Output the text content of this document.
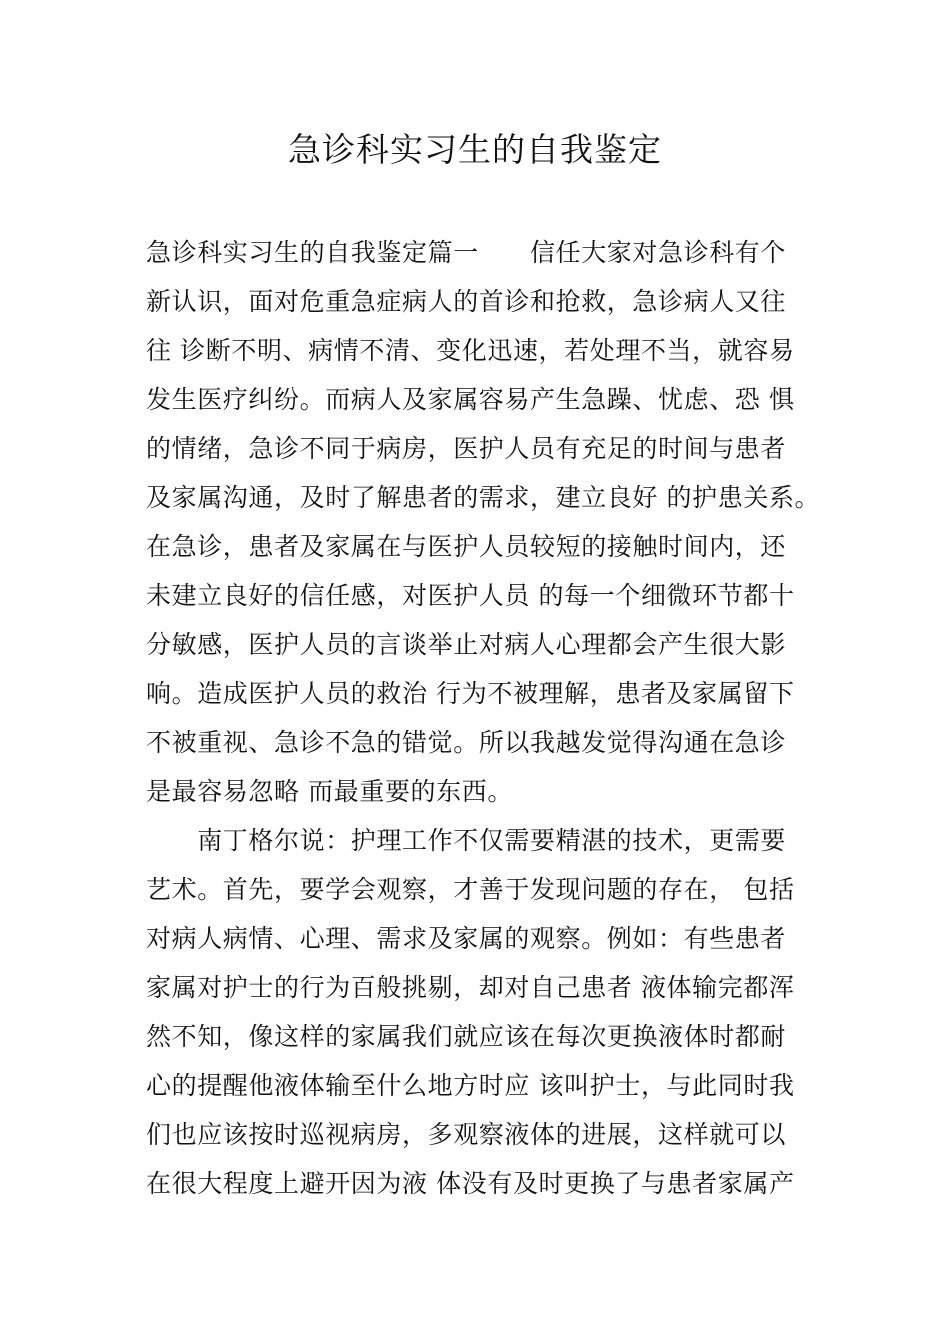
急诊科实习生的自我鉴定
急诊科实习生的自我鉴定篇一　　信任大家对急诊科有个
新认识，面对危重急症病人的首诊和抢救，急诊病人又往
往 诊断不明、病情不清、变化迅速，若处理不当，就容易
发生医疗纠纷。而病人及家属容易产生急躁、忧虑、恐 惧
的情绪，急诊不同于病房，医护人员有充足的时间与患者
及家属沟通，及时了解患者的需求，建立良好 的护患关系。
在急诊，患者及家属在与医护人员较短的接触时间内，还
未建立良好的信任感，对医护人员 的每一个细微环节都十
分敏感，医护人员的言谈举止对病人心理都会产生很大影
响。造成医护人员的救治 行为不被理解，患者及家属留下
不被重视、急诊不急的错觉。所以我越发觉得沟通在急诊
是最容易忽略 而最重要的东西。
　　南丁格尔说：护理工作不仅需要精湛的技术，更需要
艺术。首先，要学会观察，才善于发现问题的存在， 包括
对病人病情、心理、需求及家属的观察。例如：有些患者
家属对护士的行为百般挑剔，却对自己患者 液体输完都浑
然不知，像这样的家属我们就应该在每次更换液体时都耐
心的提醒他液体输至什么地方时应 该叫护士，与此同时我
们也应该按时巡视病房，多观察液体的进展，这样就可以
在很大程度上避开因为液 体没有及时更换了与患者家属产
